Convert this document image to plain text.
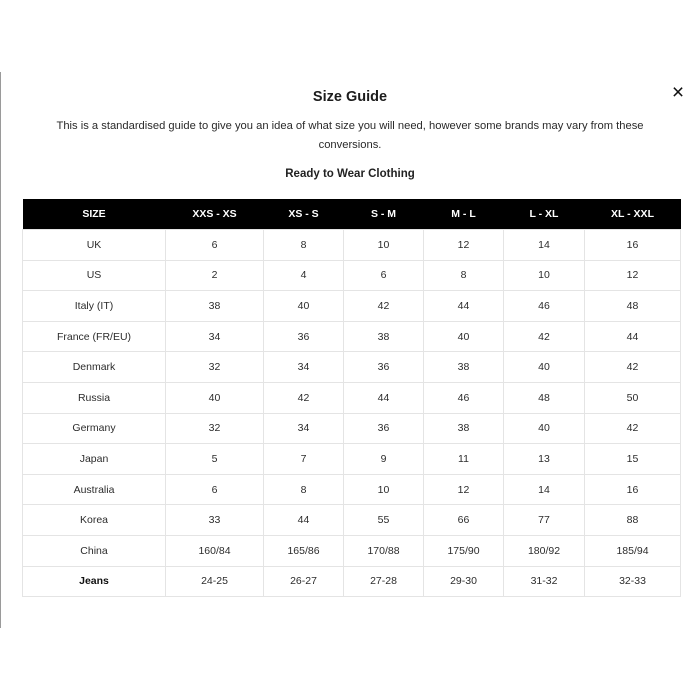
×
Size Guide

This is a standardised guide to give you an idea of what size you will need, however some brands may vary from these conversions.

Ready to Wear Clothing
SIZE	XXS - XS	XS - S	S - M	M - L	L - XL	XL - XXL
UK	6	8	10	12	14	16
US	2	4	6	8	10	12
Italy (IT)	38	40	42	44	46	48
France (FR/EU)	34	36	38	40	42	44
Denmark	32	34	36	38	40	42
Russia	40	42	44	46	48	50
Germany	32	34	36	38	40	42
Japan	5	7	9	11	13	15
Australia	6	8	10	12	14	16
Korea	33	44	55	66	77	88
China	160/84	165/86	170/88	175/90	180/92	185/94
Jeans	24-25	26-27	27-28	29-30	31-32	32-33
